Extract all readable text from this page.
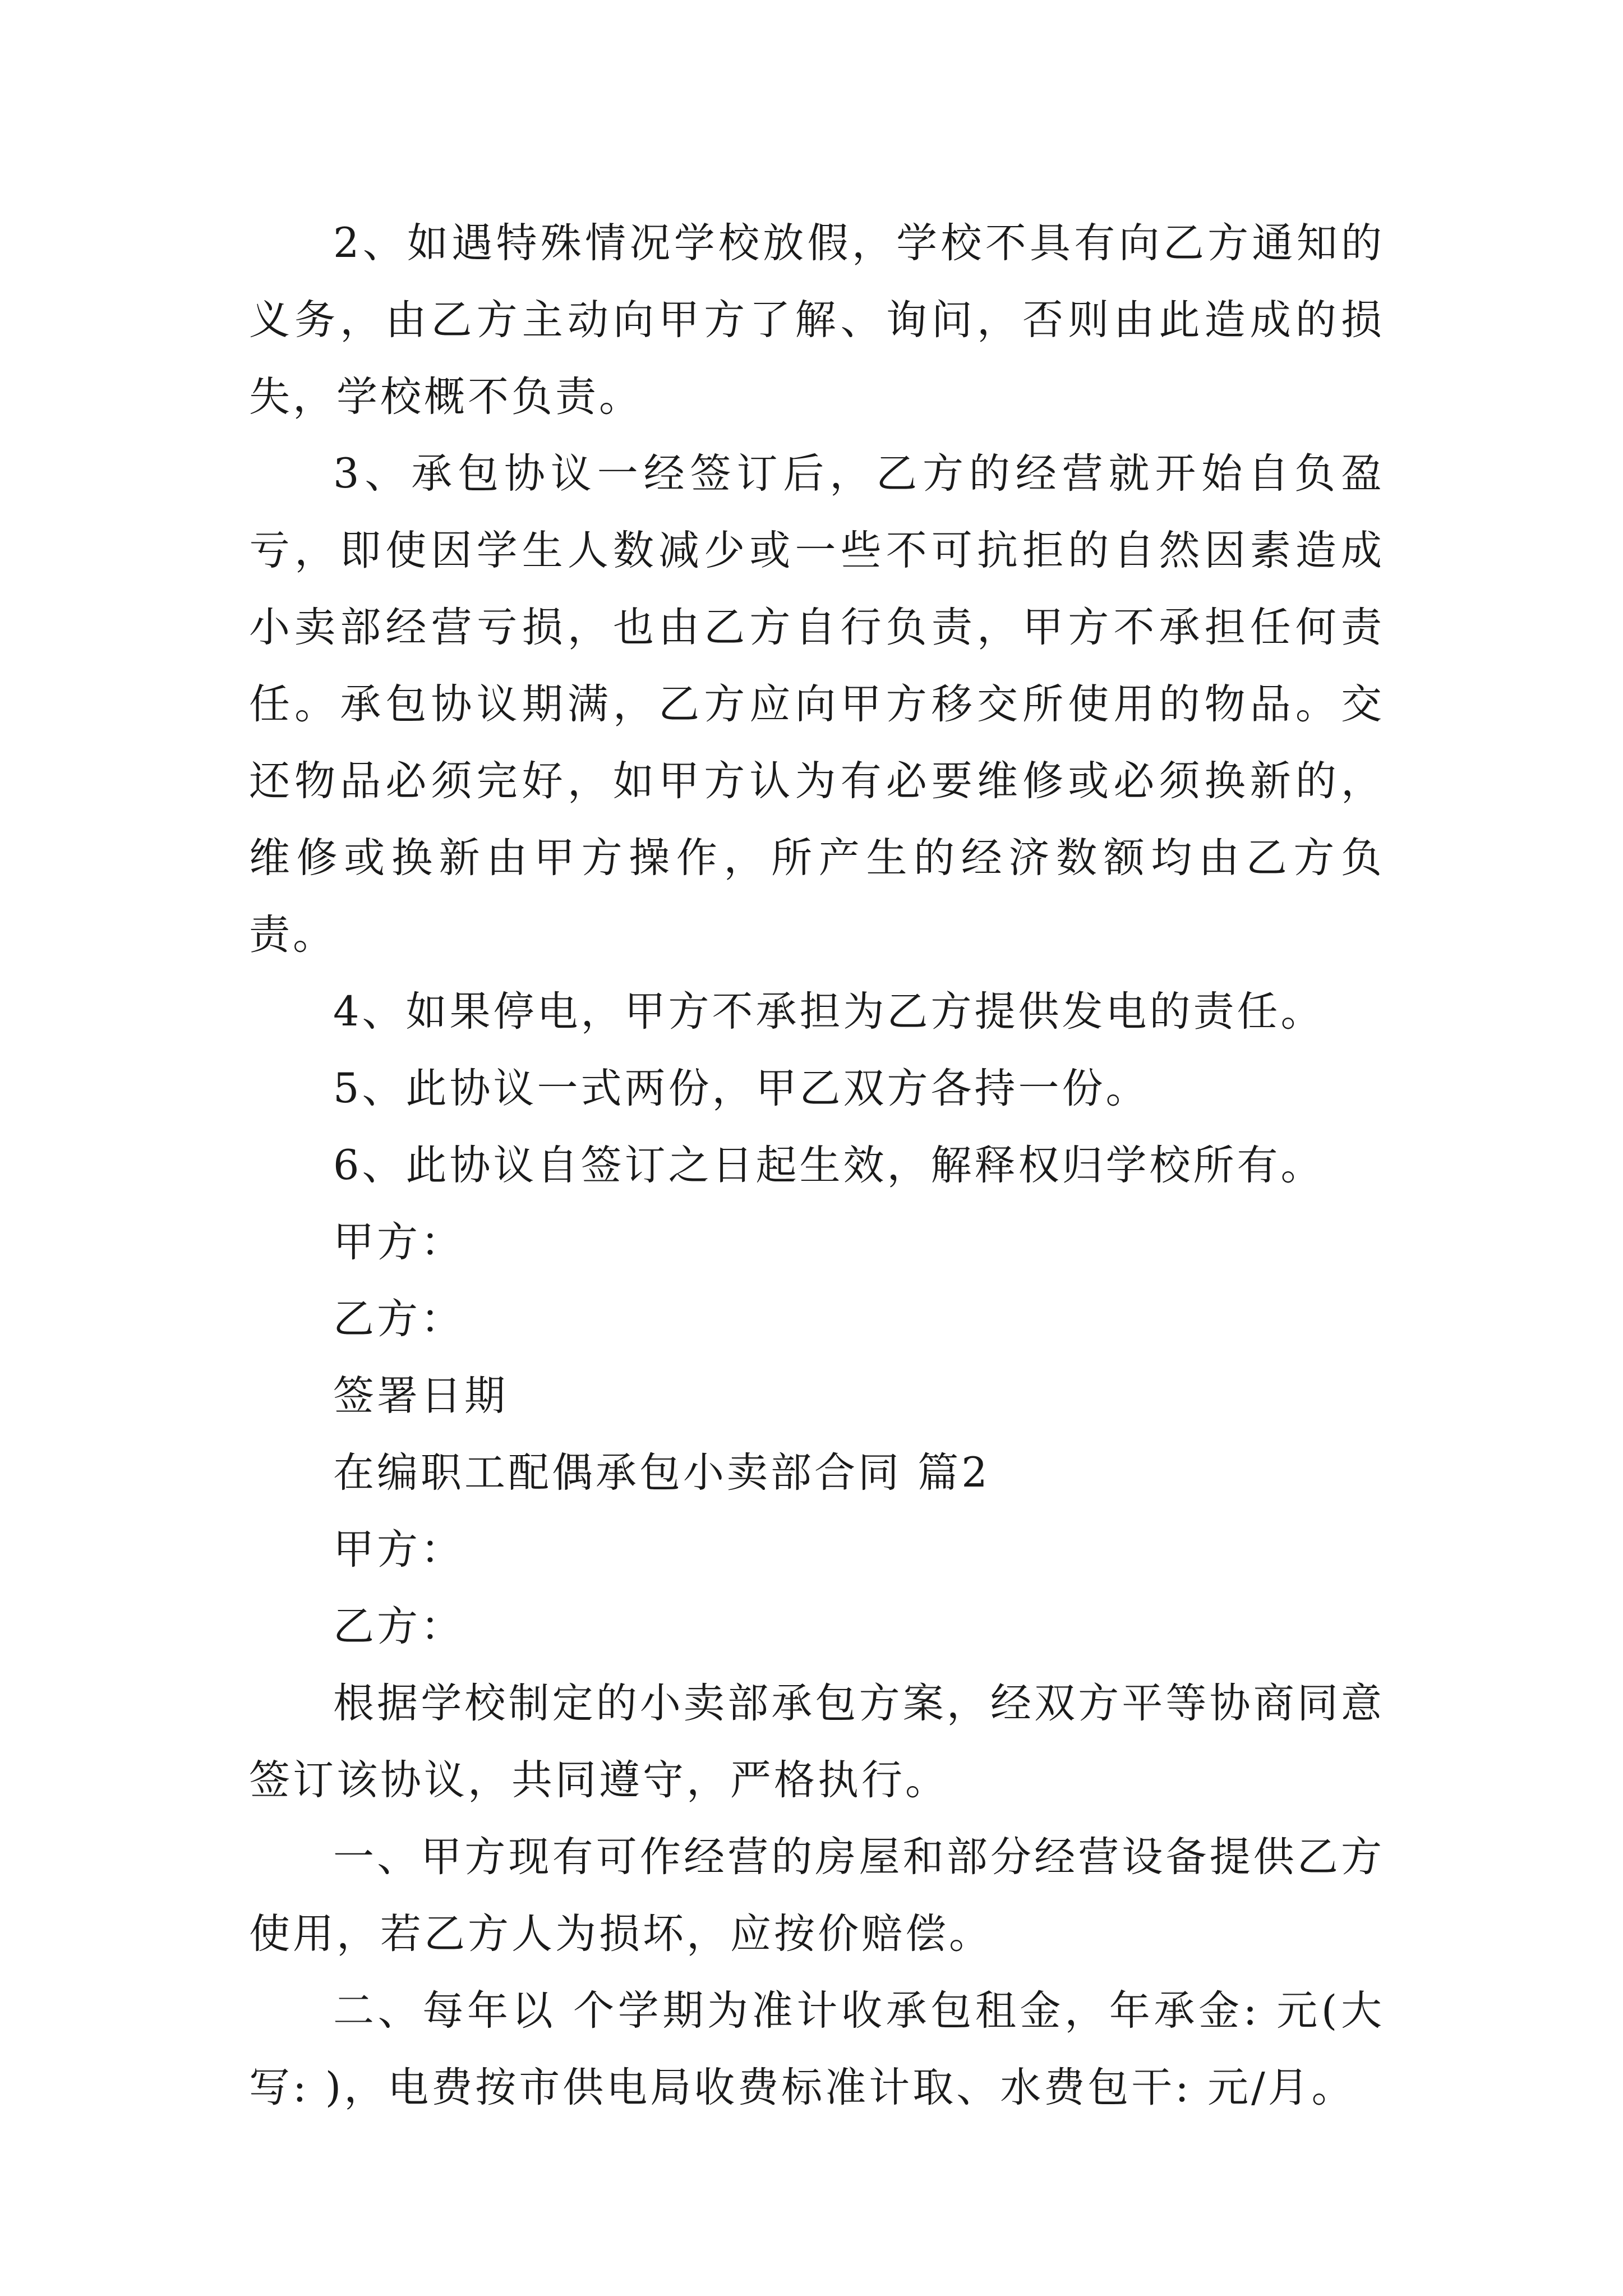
2、如遇特殊情况学校放假，学校不具有向乙方通知的义务，由乙方主动向甲方了解、询问，否则由此造成的损失，学校概不负责。

3、承包协议一经签订后，乙方的经营就开始自负盈亏，即使因学生人数减少或一些不可抗拒的自然因素造成小卖部经营亏损，也由乙方自行负责，甲方不承担任何责任。承包协议期满，乙方应向甲方移交所使用的物品。交还物品必须完好，如甲方认为有必要维修或必须换新的，维修或换新由甲方操作，所产生的经济数额均由乙方负责。

4、如果停电，甲方不承担为乙方提供发电的责任。

5、此协议一式两份，甲乙双方各持一份。

6、此协议自签订之日起生效，解释权归学校所有。

甲方：

乙方：

签署日期

在编职工配偶承包小卖部合同 篇2

甲方：

乙方：

根据学校制定的小卖部承包方案，经双方平等协商同意签订该协议，共同遵守，严格执行。

一、甲方现有可作经营的房屋和部分经营设备提供乙方使用，若乙方人为损坏，应按价赔偿。

二、每年以 个学期为准计收承包租金，年承金: 元(大写: )，电费按市供电局收费标准计取、水费包干: 元/月。
